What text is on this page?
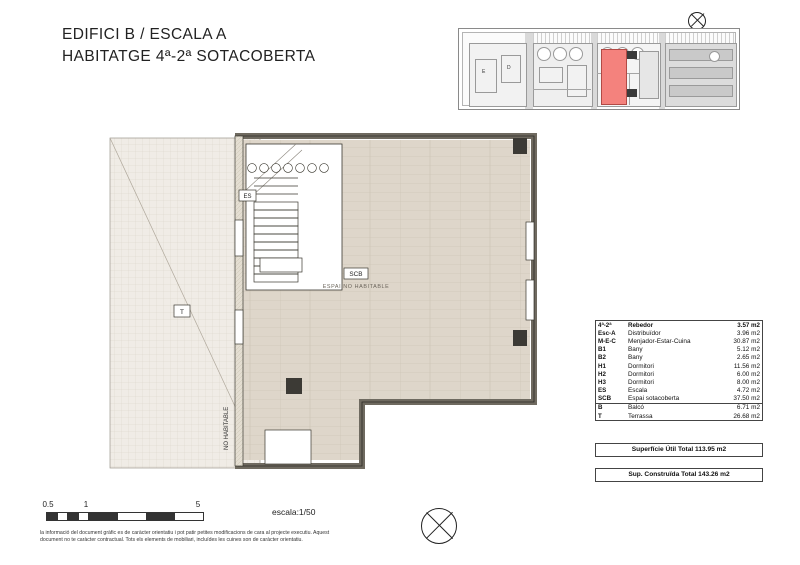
EDIFICI B / ESCALA A
HABITATGE 4ª-2ª SOTACOBERTA
E
D
ES
SCB
ESPAI NO HABITABLE
T
NO HABITABLE
0.5	1	5
escala:1/50
la informació del document gràfic es de caràcter orientatiu i pot patir petites modificacions de cara al projecte executiu. Aquest document no te caràcter contractual. Tots els elements de mobiliari, incluïdes les cuines son de caràcter orientatiu.
4ª-2ª	Rebedor	3.57 m2
Esc-A	Distribuïdor	3.96 m2
M-E-C	Menjador-Estar-Cuina	30.87 m2
B1	Bany	5.12 m2
B2	Bany	2.65 m2
H1	Dormitori	11.56 m2
H2	Dormitori	6.00 m2
H3	Dormitori	8.00 m2
ES	Escala	4.72 m2
SCB	Espai sotacoberta	37.50 m2

B	Balcó	6.71 m2
T	Terrassa	26.68 m2
Superfície Útil Total 113.95 m2
Sup. Construïda Total 143.26 m2
